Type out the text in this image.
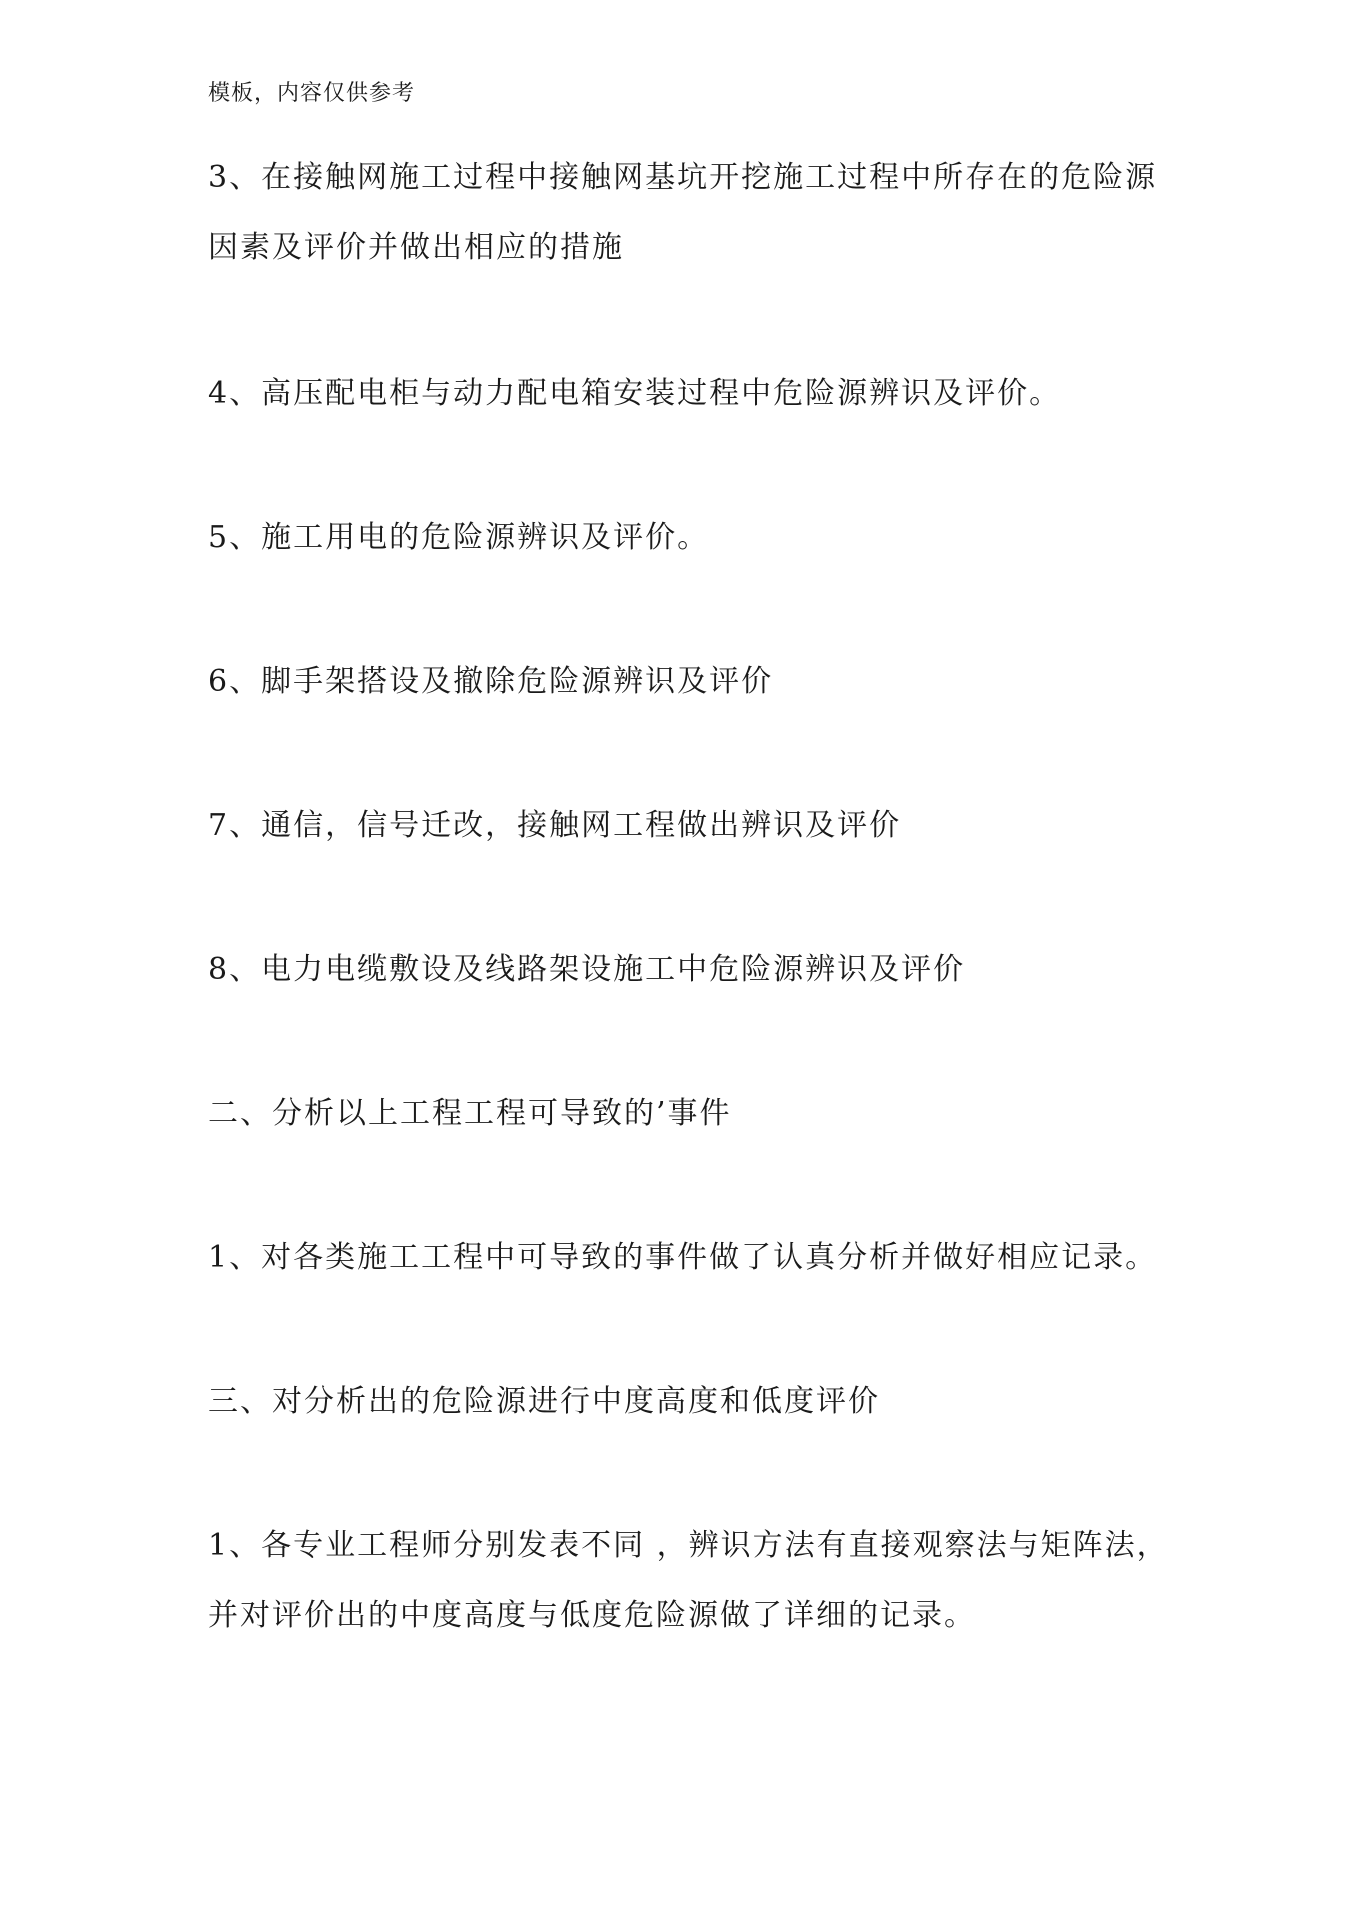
模板，内容仅供参考
3、在接触网施工过程中接触网基坑开挖施工过程中所存在的危险源
因素及评价并做出相应的措施
4、高压配电柜与动力配电箱安装过程中危险源辨识及评价。
5、施工用电的危险源辨识及评价。
6、脚手架搭设及撤除危险源辨识及评价
7、通信，信号迁改，接触网工程做出辨识及评价
8、电力电缆敷设及线路架设施工中危险源辨识及评价
二、分析以上工程工程可导致的’事件
1、对各类施工工程中可导致的事件做了认真分析并做好相应记录。
三、对分析出的危险源进行中度高度和低度评价
1、各专业工程师分别发表不同 ，辨识方法有直接观察法与矩阵法，
并对评价出的中度高度与低度危险源做了详细的记录。
